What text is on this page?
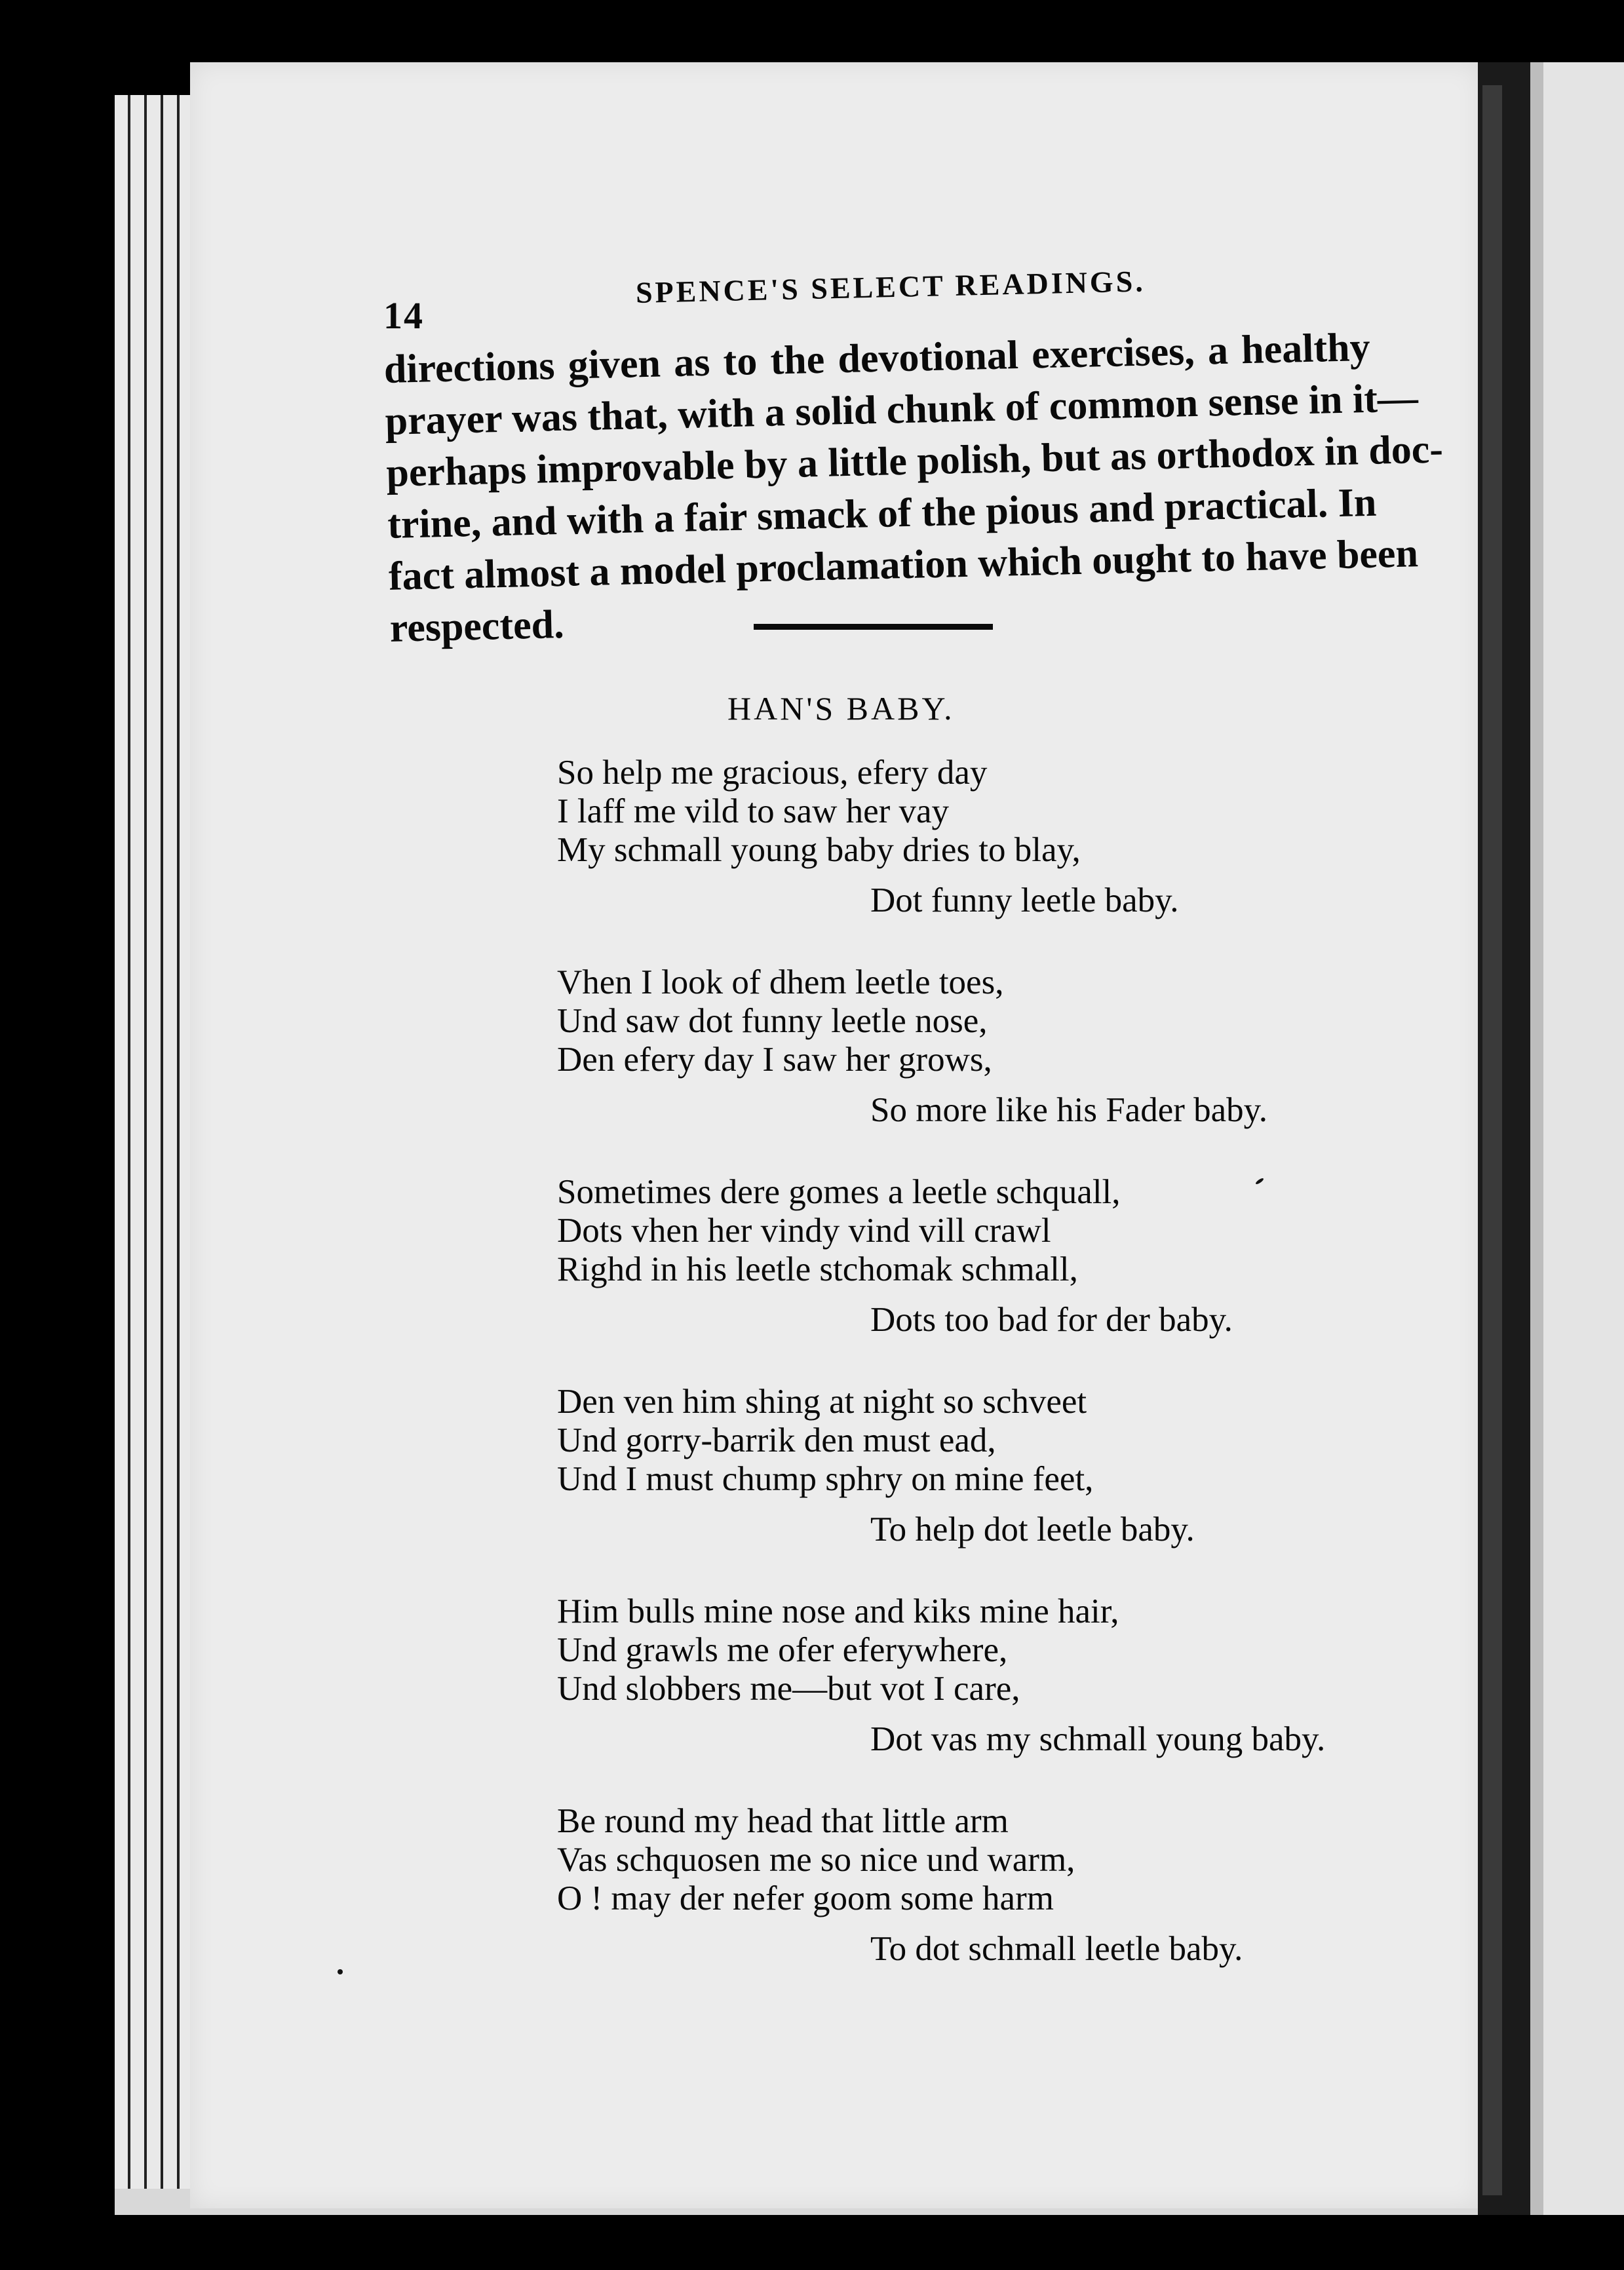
14
SPENCE'S SELECT READINGS.
directions given as to the devotional exercises, a healthy
prayer was that, with a solid chunk of common sense in it—
perhaps improvable by a little polish, but as orthodox in doc-
trine, and with a fair smack of the pious and practical. In
fact almost a model proclamation which ought to have been
respected.
HAN'S BABY.
So help me gracious, efery day
I laff me vild to saw her vay
My schmall young baby dries to blay,
Dot funny leetle baby.
Vhen I look of dhem leetle toes,
Und saw dot funny leetle nose,
Den efery day I saw her grows,
So more like his Fader baby.
Sometimes dere gomes a leetle schquall,
Dots vhen her vindy vind vill crawl
Righd in his leetle stchomak schmall,
Dots too bad for der baby.
Den ven him shing at night so schveet
Und gorry-barrik den must ead,
Und I must chump sphry on mine feet,
To help dot leetle baby.
Him bulls mine nose and kiks mine hair,
Und grawls me ofer eferywhere,
Und slobbers me—but vot I care,
Dot vas my schmall young baby.
Be round my head that little arm
Vas schquosen me so nice und warm,
O ! may der nefer goom some harm
To dot schmall leetle baby.
